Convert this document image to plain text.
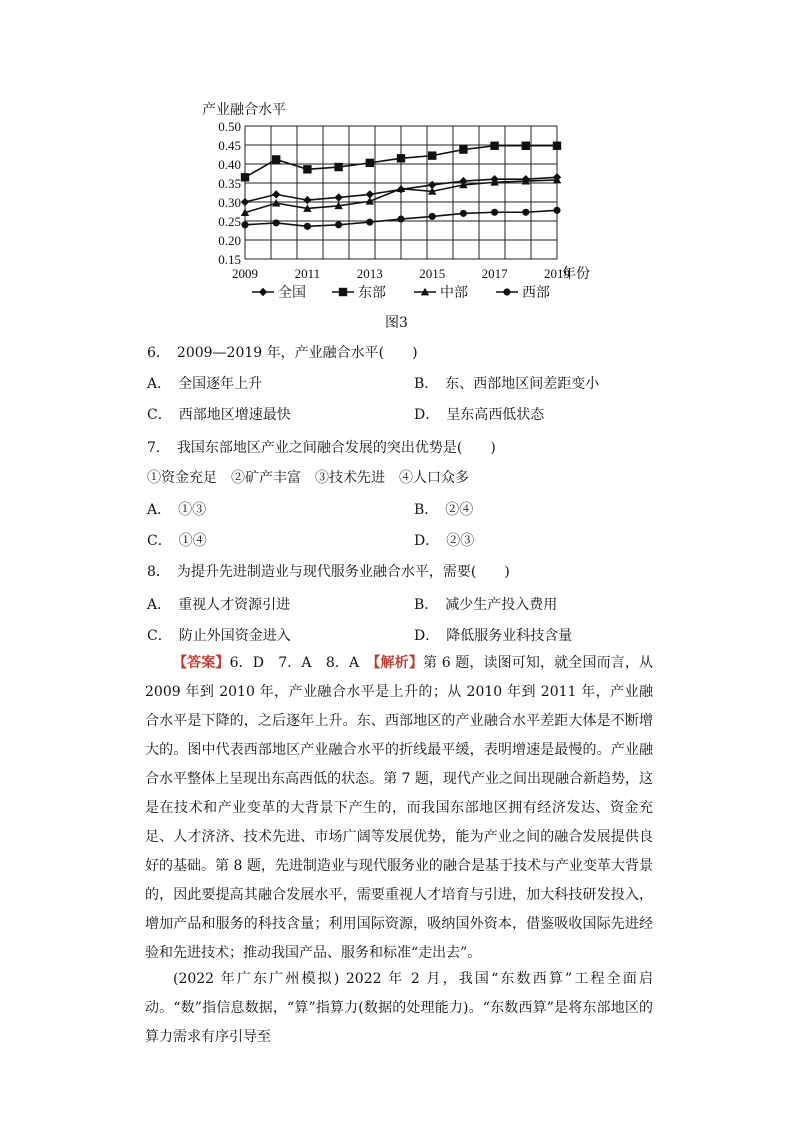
产业融合水平
0.50
0.45
0.40
0.35
0.30
0.25
0.20
0.15
2009	2011	2013	2015	2017	2019
年份
全国	东部	中部	西部
图3
6．　2009—2019 年，产业融合水平(　　)
A．　全国逐年上升	B．　东、西部地区间差距变小
C．　西部地区增速最快	D．　呈东高西低状态
7．　我国东部地区产业之间融合发展的突出优势是(　　)
①资金充足　②矿产丰富　③技术先进　④人口众多
A．　①③	B．　②④
C．　①④	D．　②③
8．　为提升先进制造业与现代服务业融合水平，需要(　　)
A．　重视人才资源引进	B．　减少生产投入费用
C．　防止外国资金进入	D．　降低服务业科技含量

【答案】6．D　7．A　8．A　【解析】第 6 题，读图可知，就全国而言，从 2009 年到 2010 年，产业融合水平是上升的；从 2010 年到 2011 年，产业融合水平是下降的，之后逐年上升。东、西部地区的产业融合水平差距大体是不断增大的。图中代表西部地区产业融合水平的折线最平缓，表明增速是最慢的。产业融合水平整体上呈现出东高西低的状态。第 7 题，现代产业之间出现融合新趋势，这是在技术和产业变革的大背景下产生的，而我国东部地区拥有经济发达、资金充足、人才济济、技术先进、市场广阔等发展优势，能为产业之间的融合发展提供良好的基础。第 8 题，先进制造业与现代服务业的融合是基于技术与产业变革大背景的，因此要提高其融合发展水平，需要重视人才培育与引进，加大科技研发投入，增加产品和服务的科技含量；利用国际资源，吸纳国外资本，借鉴吸收国际先进经验和先进技术；推动我国产品、服务和标准“走出去”。

(2022 年广东广州模拟) 2022 年 2 月，我国“东数西算”工程全面启动。“数”指信息数据，“算”指算力(数据的处理能力)。“东数西算”是将东部地区的算力需求有序引导至
